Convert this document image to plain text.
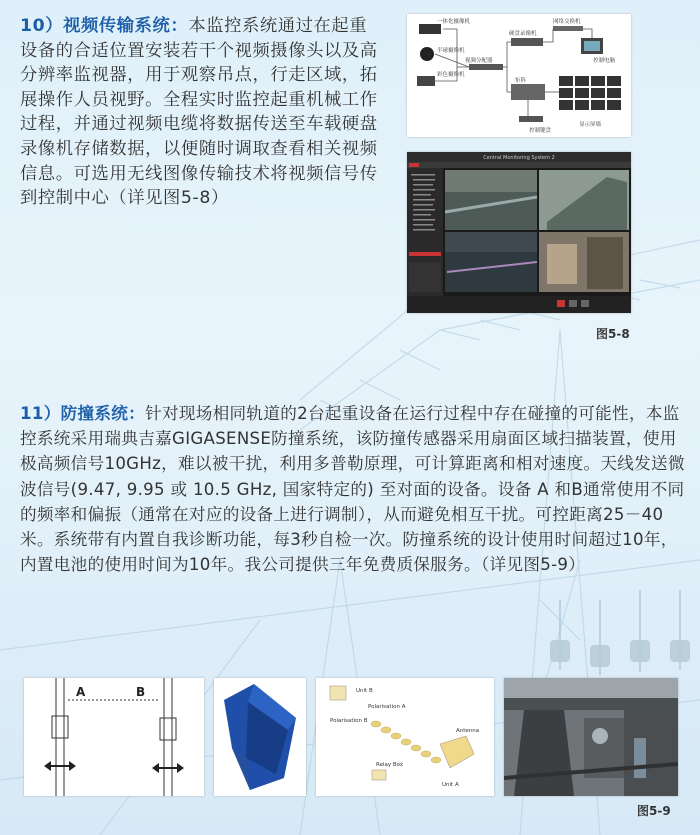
10）视频传输系统：本监控系统通过在起重设备的合适位置安装若干个视频摄像头以及高分辨率监视器，用于观察吊点，行走区域，拓展操作人员视野。全程实时监控起重机械工作过程，并通过视频电缆将数据传送至车载硬盘录像机存储数据，以便随时调取查看相关视频信息。可选用无线图像传输技术将视频信号传到控制中心（详见图5-8）
一体化摄像机
半球摄像机
彩色摄像机
视频分配器
硬盘录像机
网络交换机
控制电脑
矩阵
控制键盘
显示屏墙
Central Monitoring System 2
图5-8
11）防撞系统：针对现场相同轨道的2台起重设备在运行过程中存在碰撞的可能性，本监控系统采用瑞典吉嘉GIGASENSE防撞系统，该防撞传感器采用扇面区域扫描装置，使用极高频信号10GHz，难以被干扰，利用多普勒原理，可计算距离和相对速度。天线发送微波信号(9.47, 9.95 或 10.5 GHz, 国家特定的) 至对面的设备。设备 A 和B通常使用不同的频率和偏振（通常在对应的设备上进行调制），从而避免相互干扰。可控距离25－40米。系统带有内置自我诊断功能，每3秒自检一次。防撞系统的设计使用时间超过10年，内置电池的使用时间为10年。我公司提供三年免费质保服务。（详见图5-9）
A	B	Unit B
Polarisation A
Polarisation B
Antenna
Relay Box
Unit A
图5-9
